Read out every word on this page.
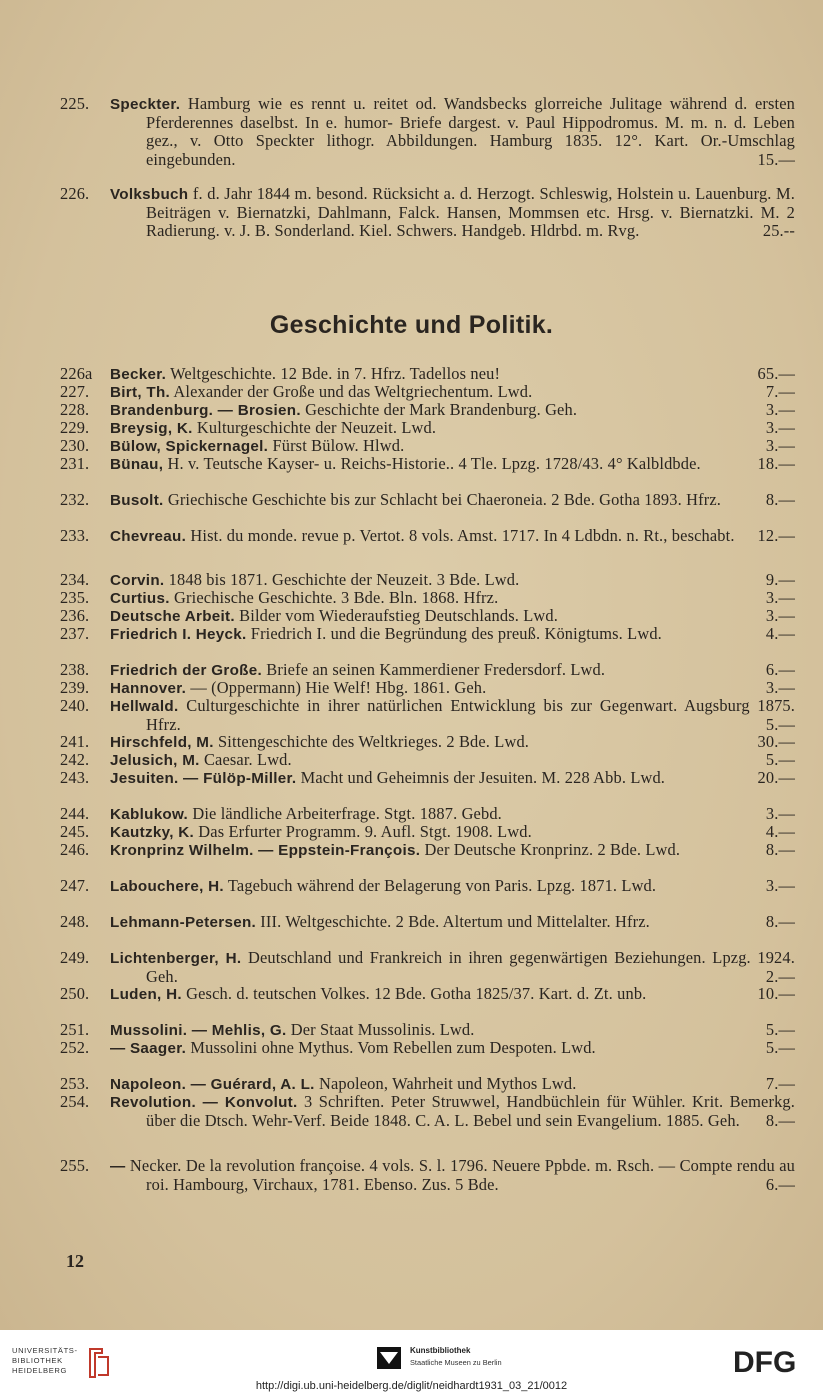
225.	Speckter. Hamburg wie es rennt u. reitet od. Wandsbecks glorreiche Julitage während d. ersten Pferderennes daselbst. In e. humor- Briefe dargest. v. Paul Hippodromus. M. m. n. d. Leben gez., v. Otto Speckter lithogr. Abbildungen. Hamburg 1835. 12°. Kart. Or.-Umschlag eingebunden.	15.—
226.	Volksbuch f. d. Jahr 1844 m. besond. Rücksicht a. d. Herzogt. Schleswig, Holstein u. Lauenburg. M. Beiträgen v. Biernatzki, Dahlmann, Falck. Hansen, Mommsen etc. Hrsg. v. Biernatzki. M. 2 Radierung. v. J. B. Sonderland. Kiel. Schwers. Handgeb. Hldrbd. m. Rvg.	25.--
226a	Becker. Weltgeschichte. 12 Bde. in 7. Hfrz. Tadellos neu!	65.—
227.	Birt, Th. Alexander der Große und das Weltgriechentum. Lwd.	7.—
228.	Brandenburg. — Brosien. Geschichte der Mark Brandenburg. Geh.	3.—
229.	Breysig, K. Kulturgeschichte der Neuzeit. Lwd.	3.—
230.	Bülow, Spickernagel. Fürst Bülow. Hlwd.	3.—
231.	Bünau, H. v. Teutsche Kayser- u. Reichs-Historie.. 4 Tle. Lpzg. 1728/43. 4° Kalbldbde.	18.—
232.	Busolt. Griechische Geschichte bis zur Schlacht bei Chaeroneia. 2 Bde. Gotha 1893. Hfrz.	8.—
233.	Chevreau. Hist. du monde. revue p. Vertot. 8 vols. Amst. 1717. In 4 Ldbdn. n. Rt., beschabt. 12.—
234.	Corvin. 1848 bis 1871. Geschichte der Neuzeit. 3 Bde. Lwd.	9.—
235.	Curtius. Griechische Geschichte. 3 Bde. Bln. 1868. Hfrz.	3.—
236.	Deutsche Arbeit. Bilder vom Wiederaufstieg Deutschlands. Lwd.	3.—
237.	Friedrich I. Heyck. Friedrich I. und die Begründung des preuß. Königtums. Lwd.	4.—
238.	Friedrich der Große. Briefe an seinen Kammerdiener Fredersdorf. Lwd.	6.—
239.	Hannover. — (Oppermann) Hie Welf! Hbg. 1861. Geh.	3.—
240.	Hellwald. Culturgeschichte in ihrer natürlichen Entwicklung bis zur Gegenwart. Augsburg 1875. Hfrz.	5.—
241.	Hirschfeld, M. Sittengeschichte des Weltkrieges. 2 Bde. Lwd.	30.—
242.	Jelusich, M. Caesar. Lwd.	5.—
243.	Jesuiten. — Fülöp-Miller. Macht und Geheimnis der Jesuiten. M. 228 Abb. Lwd.	20.—
244.	Kablukow. Die ländliche Arbeiterfrage. Stgt. 1887. Gebd.	3.—
245.	Kautzky, K. Das Erfurter Programm. 9. Aufl. Stgt. 1908. Lwd.	4.—
246.	Kronprinz Wilhelm. — Eppstein-François. Der Deutsche Kronprinz. 2 Bde. Lwd.	8.—
247.	Labouchere, H. Tagebuch während der Belagerung von Paris. Lpzg. 1871. Lwd.	3.—
248.	Lehmann-Petersen. III. Weltgeschichte. 2 Bde. Altertum und Mittelalter. Hfrz.	8.—
249.	Lichtenberger, H. Deutschland und Frankreich in ihren gegenwärtigen Beziehungen. Lpzg. 1924. Geh.	2.—
250.	Luden, H. Gesch. d. teutschen Volkes. 12 Bde. Gotha 1825/37. Kart. d. Zt. unb.	10.—
251.	Mussolini. — Mehlis, G. Der Staat Mussolinis. Lwd.	5.—
252.	— Saager. Mussolini ohne Mythus. Vom Rebellen zum Despoten. Lwd.	5.—
253.	Napoleon. — Guérard, A. L. Napoleon, Wahrheit und Mythos Lwd.	7.—
254.	Revolution. — Konvolut. 3 Schriften. Peter Struwwel, Handbüchlein für Wühler. Krit. Bemerkg. über die Dtsch. Wehr-Verf. Beide 1848. C. A. L. Bebel und sein Evangelium. 1885. Geh. 8.—
255.	— Necker. De la revolution françoise. 4 vols. S. l. 1796. Neuere Ppbde. m. Rsch. — Compte rendu au roi. Hambourg, Virchaux, 1781. Ebenso. Zus. 5 Bde.	6.—
Geschichte und Politik.
12
UNIVERSITÄTS-
BIBLIOTHEK
HEIDELBERG
Kunstbibliothek
Staatliche Museen zu Berlin	DFG
http://digi.ub.uni-heidelberg.de/diglit/neidhardt1931_03_21/0012
